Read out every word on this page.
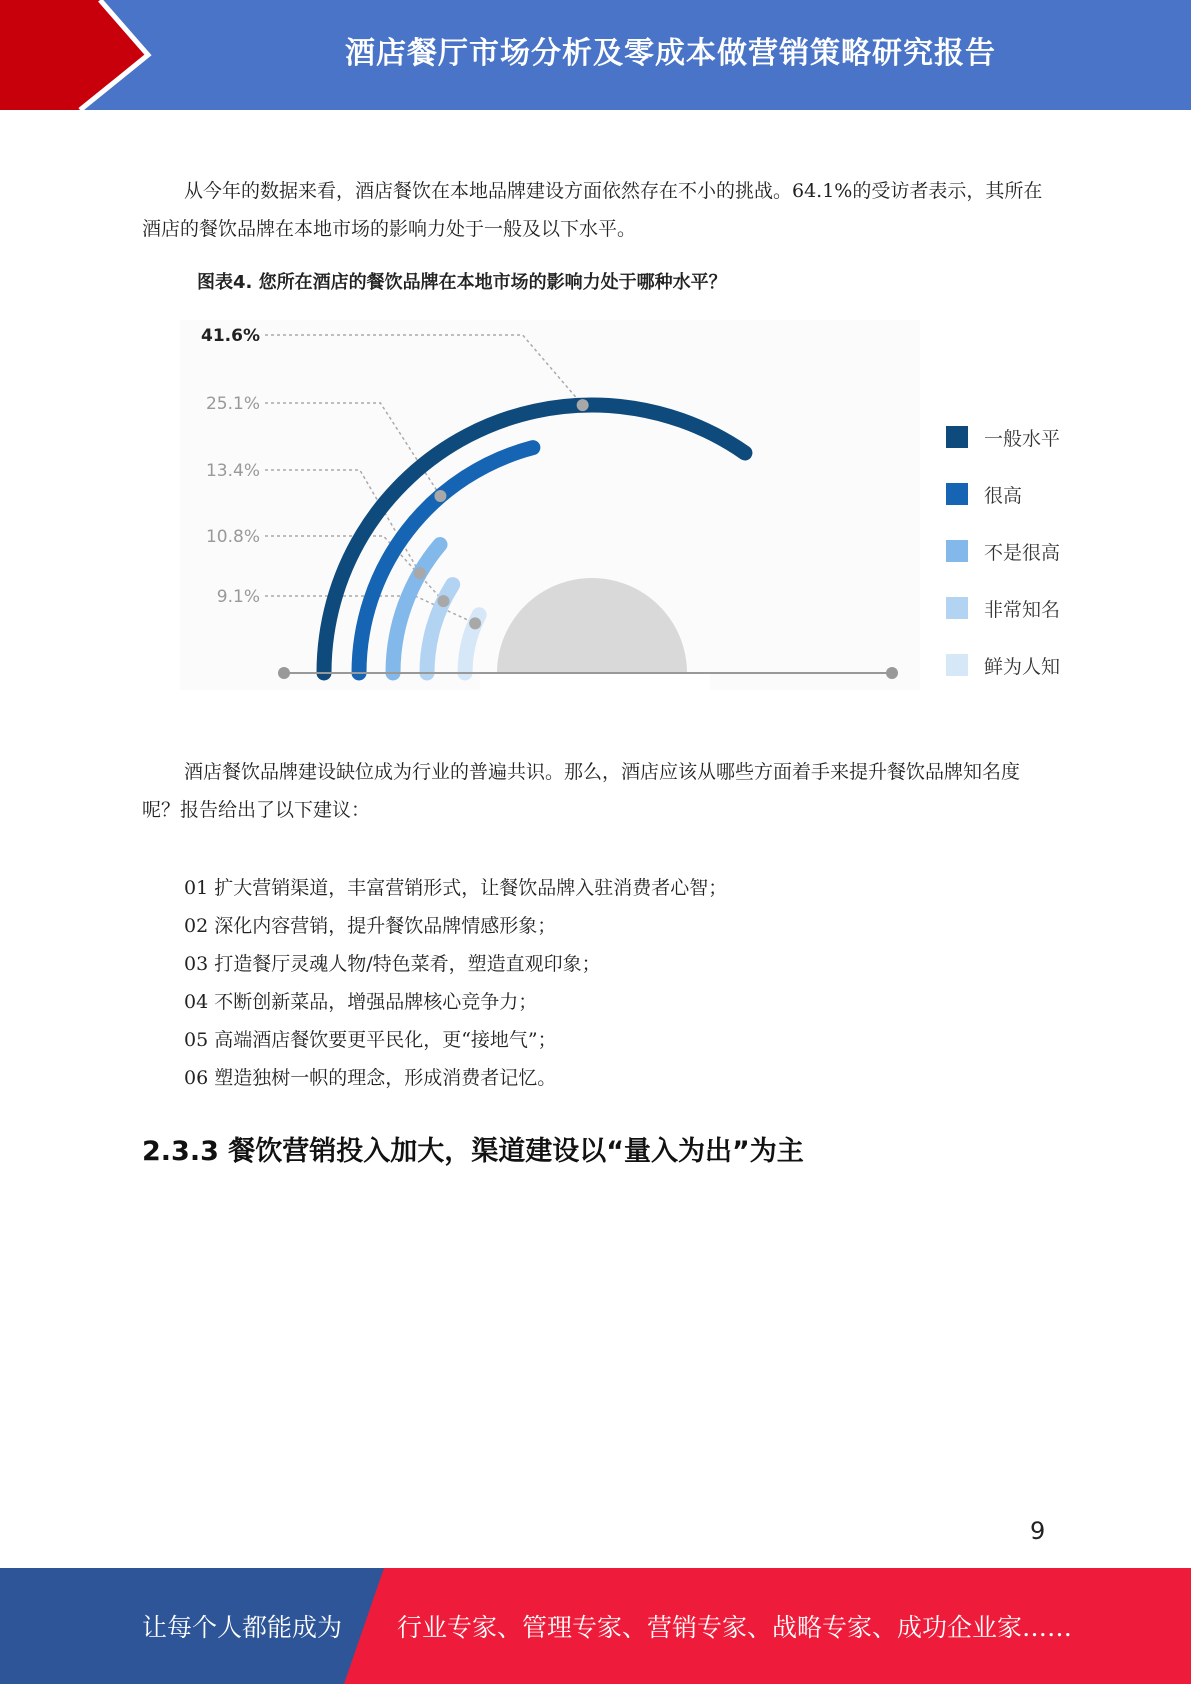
酒店餐厅市场分析及零成本做营销策略研究报告

从今年的数据来看，酒店餐饮在本地品牌建设方面依然存在不小的挑战。64.1%的受访者表示，其所在酒店的餐饮品牌在本地市场的影响力处于一般及以下水平。

图表4. 您所在酒店的餐饮品牌在本地市场的影响力处于哪种水平？
41.6%
25.1%
13.4%
10.8%
9.1%
一般水平
很高
不是很高
非常知名
鲜为人知

酒店餐饮品牌建设缺位成为行业的普遍共识。那么，酒店应该从哪些方面着手来提升餐饮品牌知名度呢？报告给出了以下建议：

01 扩大营销渠道，丰富营销形式，让餐饮品牌入驻消费者心智；
02 深化内容营销，提升餐饮品牌情感形象；
03 打造餐厅灵魂人物/特色菜肴，塑造直观印象；
04 不断创新菜品，增强品牌核心竞争力；
05 高端酒店餐饮要更平民化，更“接地气”；
06 塑造独树一帜的理念，形成消费者记忆。
2.3.3 餐饮营销投入加大，渠道建设以“量入为出”为主
9
让每个人都能成为 行业专家、管理专家、营销专家、战略专家、成功企业家……
